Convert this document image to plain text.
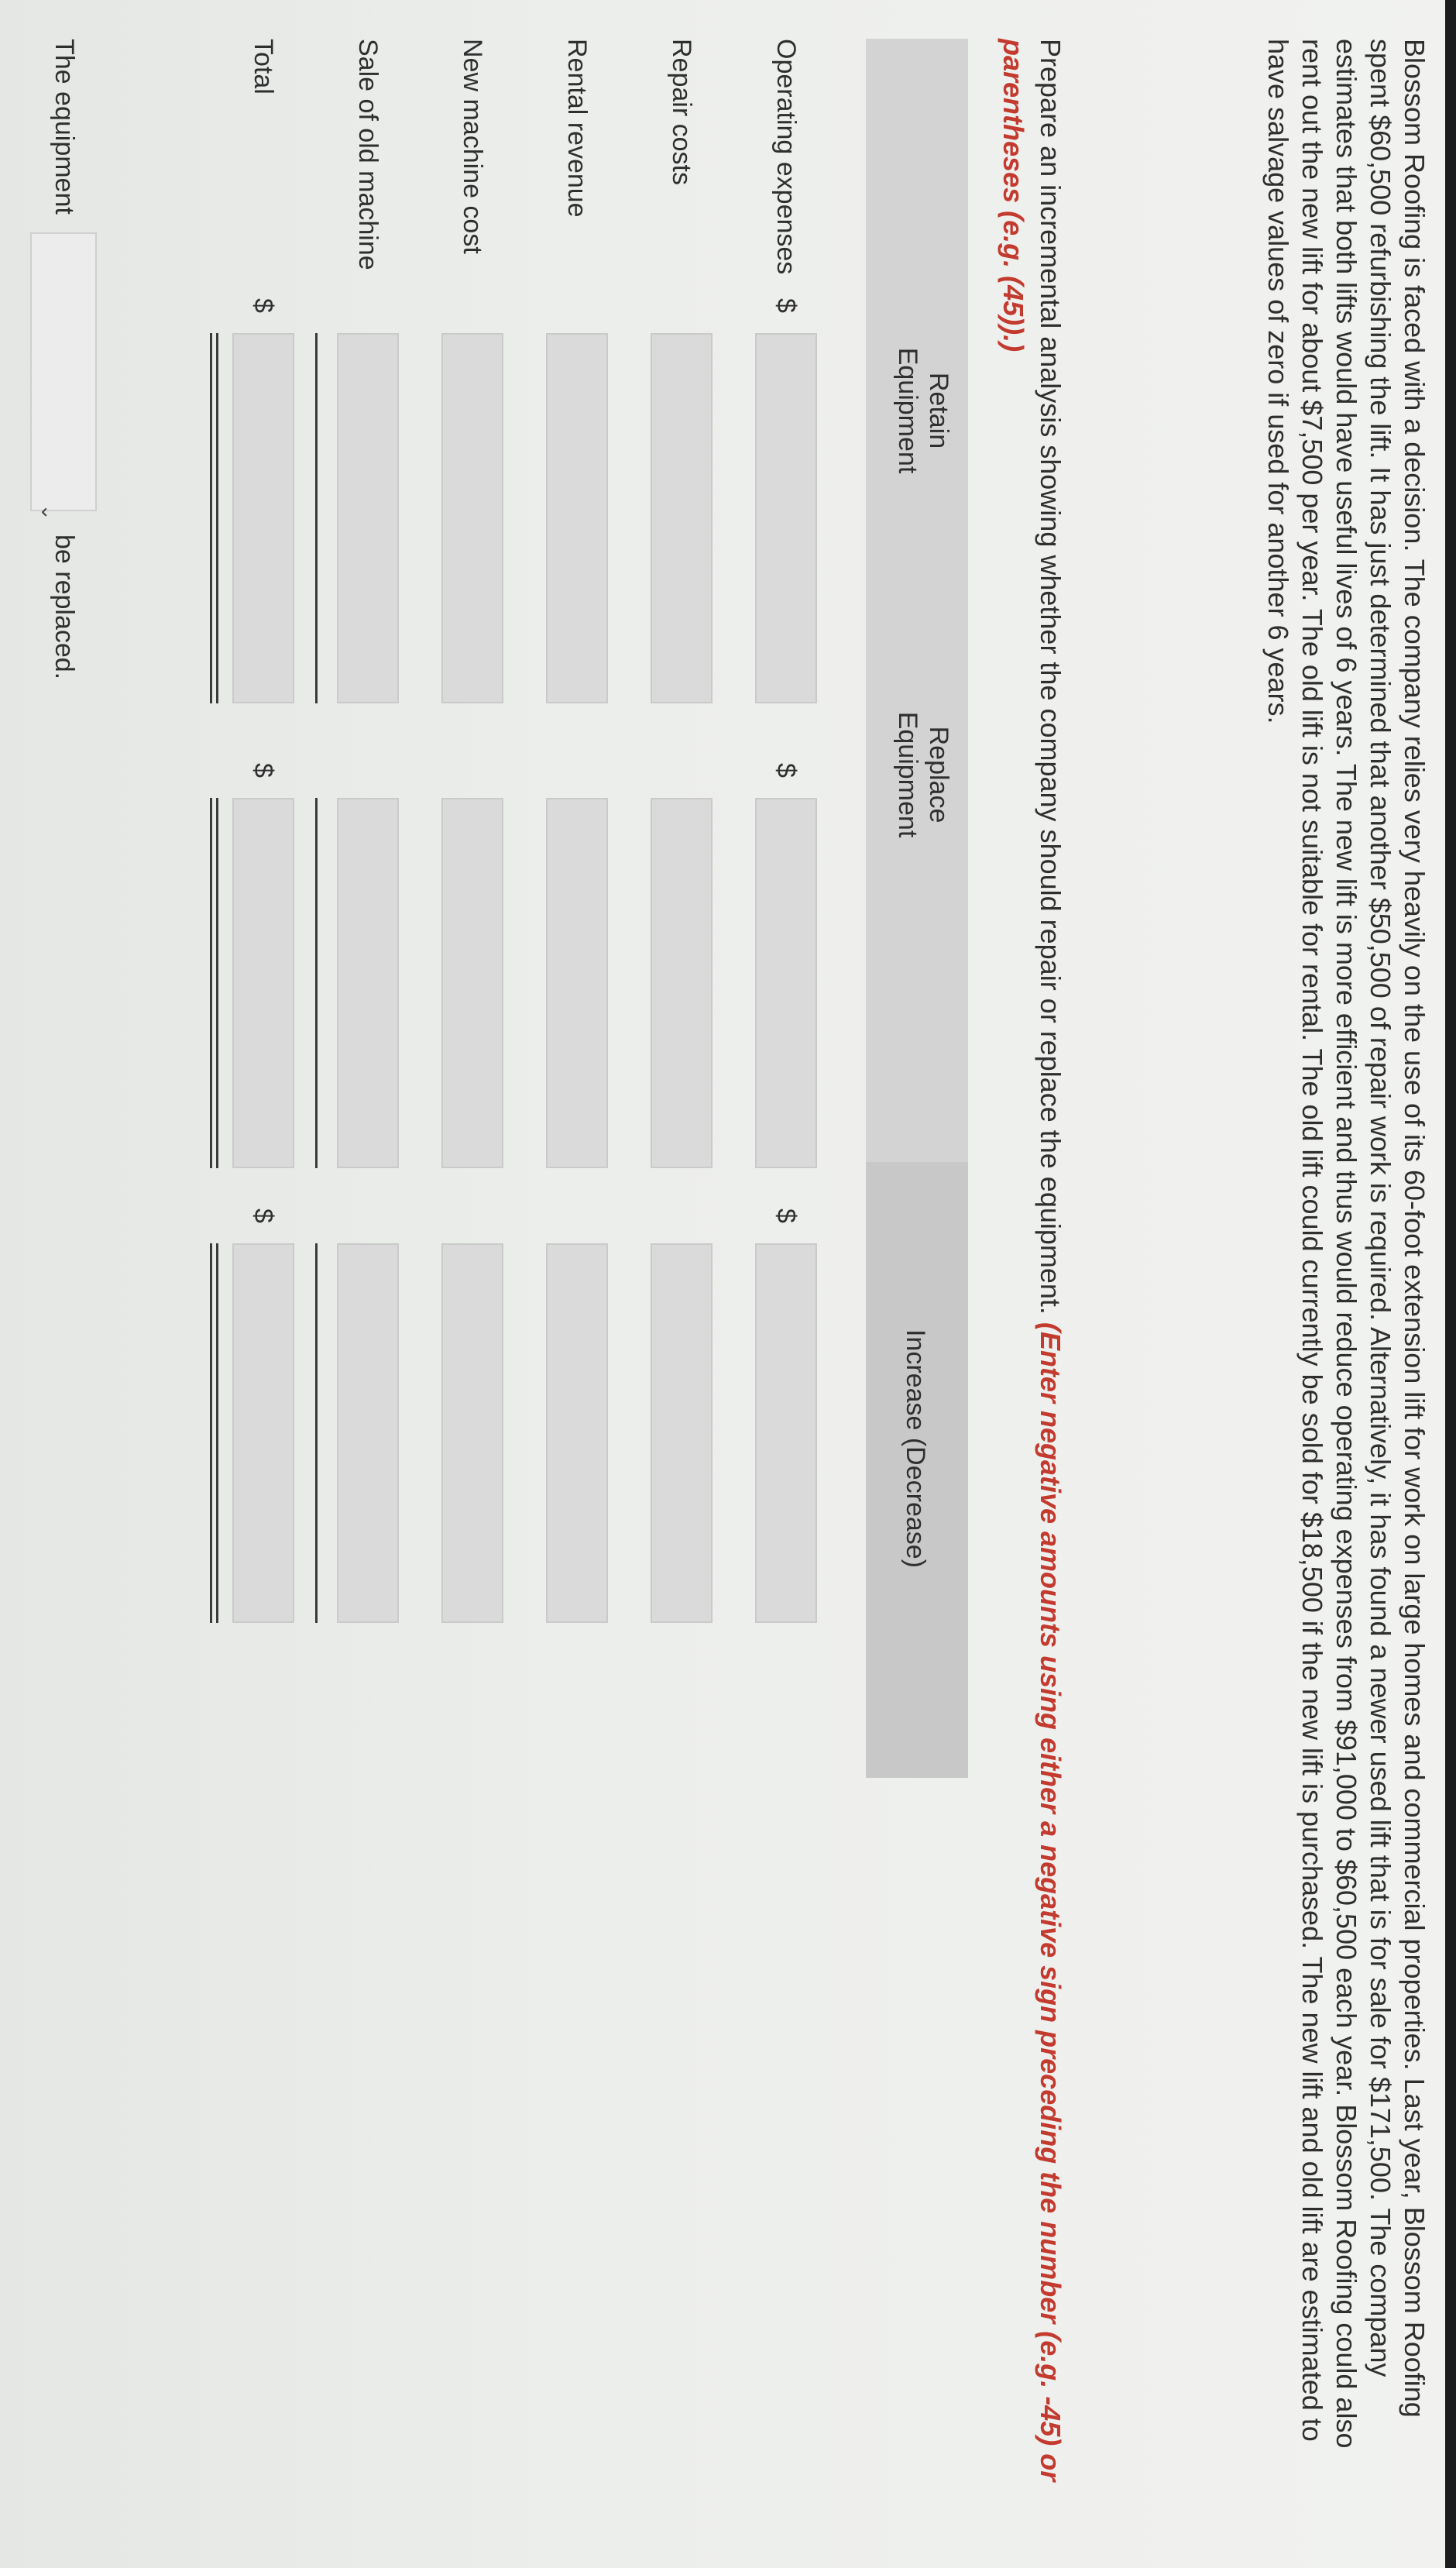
Blossom Roofing is faced with a decision. The company relies very heavily on the use of its 60-foot extension lift for work on large homes and commercial properties. Last year, Blossom Roofing spent $60,500 refurbishing the lift. It has just determined that another $50,500 of repair work is required. Alternatively, it has found a newer used lift that is for sale for $171,500. The company estimates that both lifts would have useful lives of 6 years. The new lift is more efficient and thus would reduce operating expenses from $91,000 to $60,500 each year. Blossom Roofing could also rent out the new lift for about $7,500 per year. The old lift is not suitable for rental. The old lift could currently be sold for $18,500 if the new lift is purchased. The new lift and old lift are estimated to have salvage values of zero if used for another 6 years.

Prepare an incremental analysis showing whether the company should repair or replace the equipment. (Enter negative amounts using either a negative sign preceding the number (e.g. -45) or parentheses (e.g. (45)).)

Retain
Equipment
Replace
Equipment
Increase (Decrease)
Operating expenses
$
$
$
Repair costs
Rental revenue
New machine cost
Sale of old machine
Total
$
$
$
The equipment
⌄
be replaced.
